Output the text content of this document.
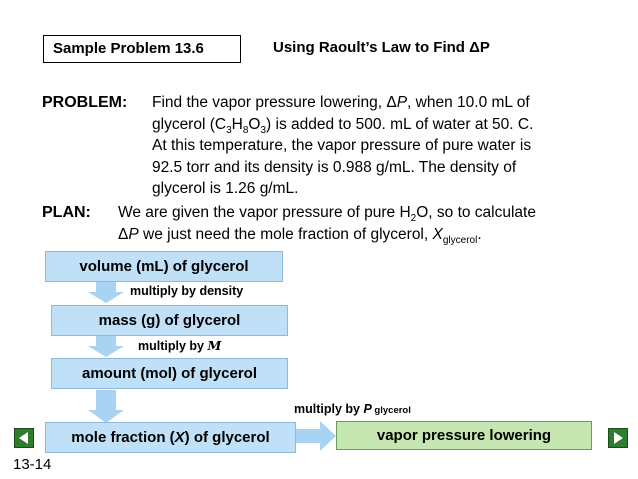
Sample Problem 13.6	Using Raoult’s Law to Find ΔP
PROBLEM: Find the vapor pressure lowering, ΔP, when 10.0 mL of
glycerol $(C_3H_8O_3)$ is added to 500. mL of water at 50. C.
At this temperature, the vapor pressure of pure water is
92.5 torr and its density is 0.988 g/mL. The density of
glycerol is 1.26 g/mL.
PLAN: We are given the vapor pressure of pure $H_2O$, so to calculate
ΔP we just need the mole fraction of glycerol, $X_{glycerol}$.
volume (mL) of glycerol
multiply by density
mass (g) of glycerol
multiply by M
amount (mol) of glycerol
multiply by P glycerol
mole fraction (X) of glycerol	vapor pressure lowering
13-14
